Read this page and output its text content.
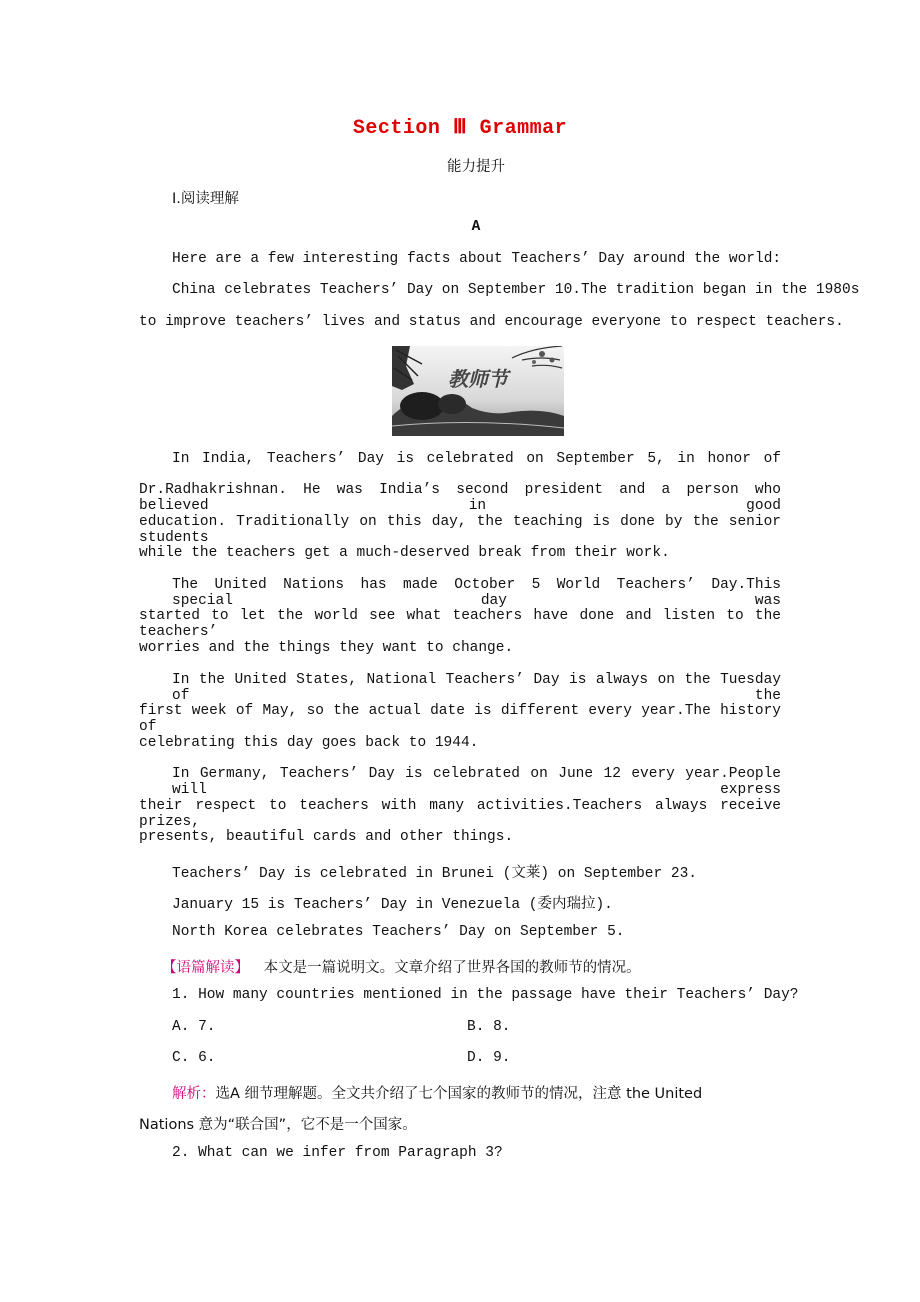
Section Ⅲ Grammar
能力提升
Ⅰ.阅读理解
A
Here are a few interesting facts about Teachers’ Day around the world:
China celebrates Teachers’ Day on September 10.The tradition began in the 1980s
to improve teachers’ lives and status and encourage everyone to respect teachers.
教师节
In India, Teachers’ Day is celebrated on September 5, in honor of
Dr.Radhakrishnan. He was India’s second president and a person who believed in good
education. Traditionally on this day, the teaching is done by the senior students
while the teachers get a much-deserved break from their work.
The United Nations has made October 5 World Teachers’ Day.This special day was
started to let the world see what teachers have done and listen to the teachers’
worries and the things they want to change.
In the United States, National Teachers’ Day is always on the Tuesday of the
first week of May, so the actual date is different every year.The history of
celebrating this day goes back to 1944.
In Germany, Teachers’ Day is celebrated on June 12 every year.People will express
their respect to teachers with many activities.Teachers always receive prizes,
presents, beautiful cards and other things.
Teachers’ Day is celebrated in Brunei (文莱) on September 23.
January 15 is Teachers’ Day in Venezuela (委内瑞拉).
North Korea celebrates Teachers’ Day on September 5.
【语篇解读】 本文是一篇说明文。文章介绍了世界各国的教师节的情况。
1. How many countries mentioned in the passage have their Teachers’ Day?
A. 7.	B. 8.
C. 6.	D. 9.
解析：选A 细节理解题。全文共介绍了七个国家的教师节的情况，注意 the United
Nations 意为“联合国”，它不是一个国家。
2. What can we infer from Paragraph 3?
